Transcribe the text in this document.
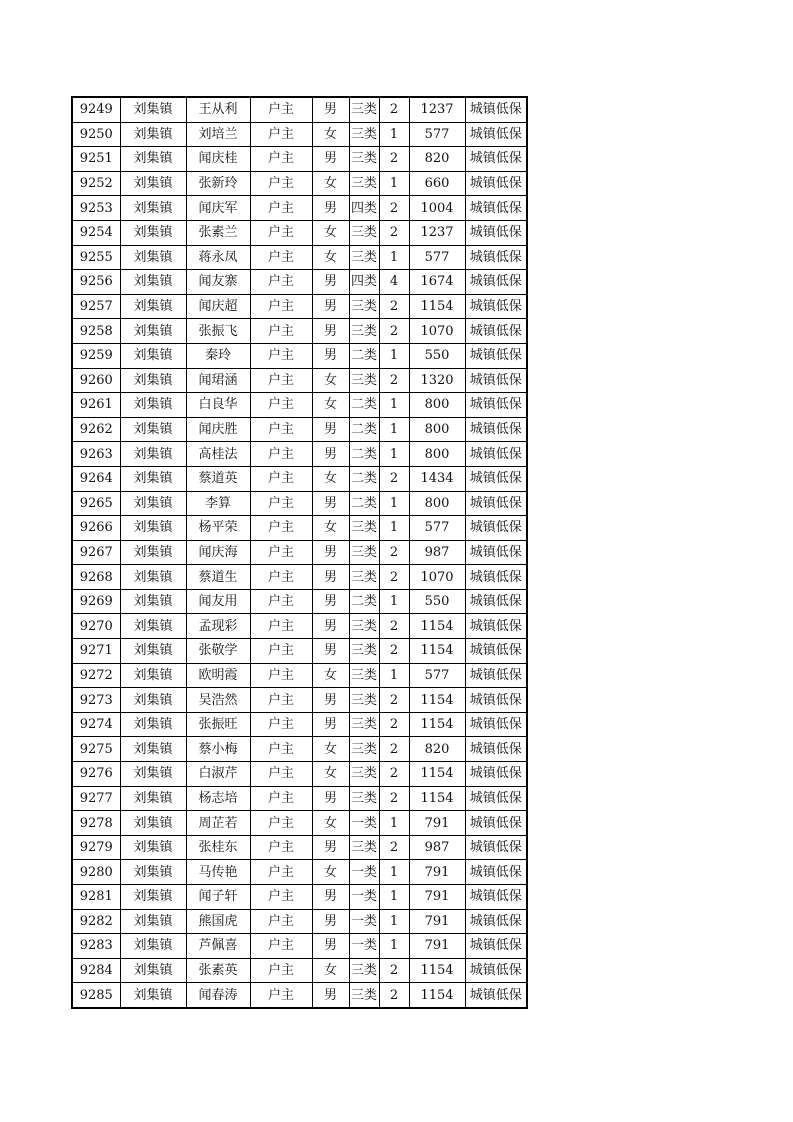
9249	刘集镇	王从利	户主	男	三类	2	1237	城镇低保
9250	刘集镇	刘培兰	户主	女	三类	1	577	城镇低保
9251	刘集镇	闻庆桂	户主	男	三类	2	820	城镇低保
9252	刘集镇	张新玲	户主	女	三类	1	660	城镇低保
9253	刘集镇	闻庆军	户主	男	四类	2	1004	城镇低保
9254	刘集镇	张素兰	户主	女	三类	2	1237	城镇低保
9255	刘集镇	蒋永凤	户主	女	三类	1	577	城镇低保
9256	刘集镇	闻友寨	户主	男	四类	4	1674	城镇低保
9257	刘集镇	闻庆超	户主	男	三类	2	1154	城镇低保
9258	刘集镇	张振飞	户主	男	三类	2	1070	城镇低保
9259	刘集镇	秦玲	户主	男	二类	1	550	城镇低保
9260	刘集镇	闻珺涵	户主	女	三类	2	1320	城镇低保
9261	刘集镇	白良华	户主	女	二类	1	800	城镇低保
9262	刘集镇	闻庆胜	户主	男	二类	1	800	城镇低保
9263	刘集镇	高桂法	户主	男	二类	1	800	城镇低保
9264	刘集镇	蔡道英	户主	女	二类	2	1434	城镇低保
9265	刘集镇	李算	户主	男	二类	1	800	城镇低保
9266	刘集镇	杨平荣	户主	女	三类	1	577	城镇低保
9267	刘集镇	闻庆海	户主	男	三类	2	987	城镇低保
9268	刘集镇	蔡道生	户主	男	三类	2	1070	城镇低保
9269	刘集镇	闻友用	户主	男	二类	1	550	城镇低保
9270	刘集镇	孟现彩	户主	男	三类	2	1154	城镇低保
9271	刘集镇	张敬学	户主	男	三类	2	1154	城镇低保
9272	刘集镇	欧明霞	户主	女	三类	1	577	城镇低保
9273	刘集镇	吴浩然	户主	男	三类	2	1154	城镇低保
9274	刘集镇	张振旺	户主	男	三类	2	1154	城镇低保
9275	刘集镇	蔡小梅	户主	女	三类	2	820	城镇低保
9276	刘集镇	白淑芹	户主	女	三类	2	1154	城镇低保
9277	刘集镇	杨志培	户主	男	三类	2	1154	城镇低保
9278	刘集镇	周芷若	户主	女	一类	1	791	城镇低保
9279	刘集镇	张桂东	户主	男	三类	2	987	城镇低保
9280	刘集镇	马传艳	户主	女	一类	1	791	城镇低保
9281	刘集镇	闻子轩	户主	男	一类	1	791	城镇低保
9282	刘集镇	熊国虎	户主	男	一类	1	791	城镇低保
9283	刘集镇	芦佩喜	户主	男	一类	1	791	城镇低保
9284	刘集镇	张素英	户主	女	三类	2	1154	城镇低保
9285	刘集镇	闻春涛	户主	男	三类	2	1154	城镇低保
